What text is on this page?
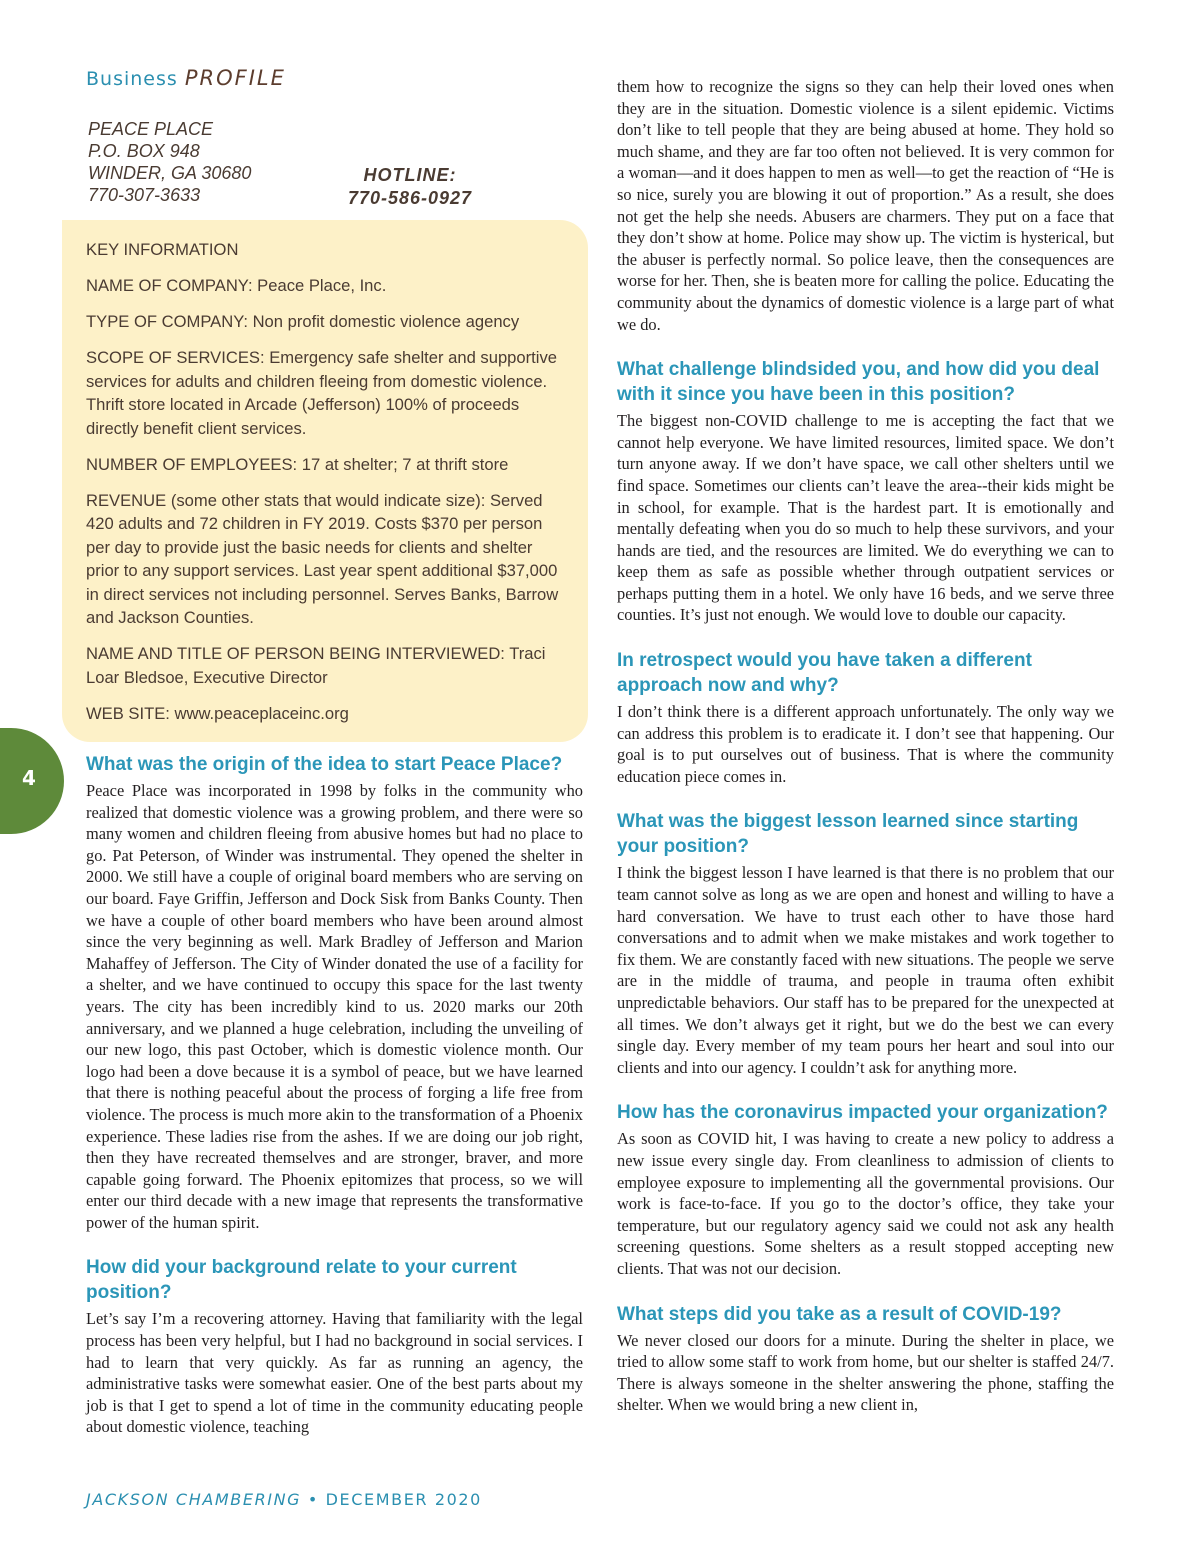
Business PROFILE
PEACE PLACE
P.O. BOX 948
WINDER, GA 30680
770-307-3633
HOTLINE:
770-586-0927

KEY INFORMATION

NAME OF COMPANY: Peace Place, Inc.

TYPE OF COMPANY: Non profit domestic violence agency

SCOPE OF SERVICES: Emergency safe shelter and supportive services for adults and children fleeing from domestic violence. Thrift store located in Arcade (Jefferson) 100% of proceeds directly benefit client services.

NUMBER OF EMPLOYEES: 17 at shelter; 7 at thrift store

REVENUE (some other stats that would indicate size): Served 420 adults and 72 children in FY 2019. Costs $370 per person per day to provide just the basic needs for clients and shelter prior to any support services. Last year spent additional $37,000 in direct services not including personnel. Serves Banks, Barrow and Jackson Counties.

NAME AND TITLE OF PERSON BEING INTERVIEWED: Traci Loar Bledsoe, Executive Director

WEB SITE: www.peaceplaceinc.org

4
What was the origin of the idea to start Peace Place?

Peace Place was incorporated in 1998 by folks in the community who realized that domestic violence was a growing problem, and there were so many women and children fleeing from abusive homes but had no place to go. Pat Peterson, of Winder was instrumental. They opened the shelter in 2000. We still have a couple of original board members who are serving on our board. Faye Griffin, Jefferson and Dock Sisk from Banks County. Then we have a couple of other board members who have been around almost since the very beginning as well. Mark Bradley of Jefferson and Marion Mahaffey of Jefferson. The City of Winder donated the use of a facility for a shelter, and we have continued to occupy this space for the last twenty years. The city has been incredibly kind to us. 2020 marks our 20th anniversary, and we planned a huge celebration, including the unveiling of our new logo, this past October, which is domestic violence month. Our logo had been a dove because it is a symbol of peace, but we have learned that there is nothing peaceful about the process of forging a life free from violence. The process is much more akin to the transformation of a Phoenix experience. These ladies rise from the ashes. If we are doing our job right, then they have recreated themselves and are stronger, braver, and more capable going forward. The Phoenix epitomizes that process, so we will enter our third decade with a new image that represents the transformative power of the human spirit.

How did your background relate to your current position?

Let’s say I’m a recovering attorney. Having that familiarity with the legal process has been very helpful, but I had no background in social services. I had to learn that very quickly. As far as running an agency, the administrative tasks were somewhat easier. One of the best parts about my job is that I get to spend a lot of time in the community educating people about domestic violence, teaching

them how to recognize the signs so they can help their loved ones when they are in the situation. Domestic violence is a silent epidemic. Victims don’t like to tell people that they are being abused at home. They hold so much shame, and they are far too often not believed. It is very common for a woman—and it does happen to men as well—to get the reaction of “He is so nice, surely you are blowing it out of proportion.” As a result, she does not get the help she needs. Abusers are charmers. They put on a face that they don’t show at home. Police may show up. The victim is hysterical, but the abuser is perfectly normal. So police leave, then the consequences are worse for her. Then, she is beaten more for calling the police. Educating the community about the dynamics of domestic violence is a large part of what we do.

What challenge blindsided you, and how did you deal with it since you have been in this position?

The biggest non-COVID challenge to me is accepting the fact that we cannot help everyone. We have limited resources, limited space. We don’t turn anyone away. If we don’t have space, we call other shelters until we find space. Sometimes our clients can’t leave the area--their kids might be in school, for example. That is the hardest part. It is emotionally and mentally defeating when you do so much to help these survivors, and your hands are tied, and the resources are limited. We do everything we can to keep them as safe as possible whether through outpatient services or perhaps putting them in a hotel. We only have 16 beds, and we serve three counties. It’s just not enough. We would love to double our capacity.

In retrospect would you have taken a different approach now and why?

I don’t think there is a different approach unfortunately. The only way we can address this problem is to eradicate it. I don’t see that happening. Our goal is to put ourselves out of business. That is where the community education piece comes in.

What was the biggest lesson learned since starting your position?

I think the biggest lesson I have learned is that there is no problem that our team cannot solve as long as we are open and honest and willing to have a hard conversation. We have to trust each other to have those hard conversations and to admit when we make mistakes and work together to fix them. We are constantly faced with new situations. The people we serve are in the middle of trauma, and people in trauma often exhibit unpredictable behaviors. Our staff has to be prepared for the unexpected at all times. We don’t always get it right, but we do the best we can every single day. Every member of my team pours her heart and soul into our clients and into our agency. I couldn’t ask for anything more.

How has the coronavirus impacted your organization?

As soon as COVID hit, I was having to create a new policy to address a new issue every single day. From cleanliness to admission of clients to employee exposure to implementing all the governmental provisions. Our work is face-to-face. If you go to the doctor’s office, they take your temperature, but our regulatory agency said we could not ask any health screening questions. Some shelters as a result stopped accepting new clients. That was not our decision.

What steps did you take as a result of COVID-19?

We never closed our doors for a minute. During the shelter in place, we tried to allow some staff to work from home, but our shelter is staffed 24/7. There is always someone in the shelter answering the phone, staffing the shelter. When we would bring a new client in,

JACKSON CHAMBERING • DECEMBER 2020
